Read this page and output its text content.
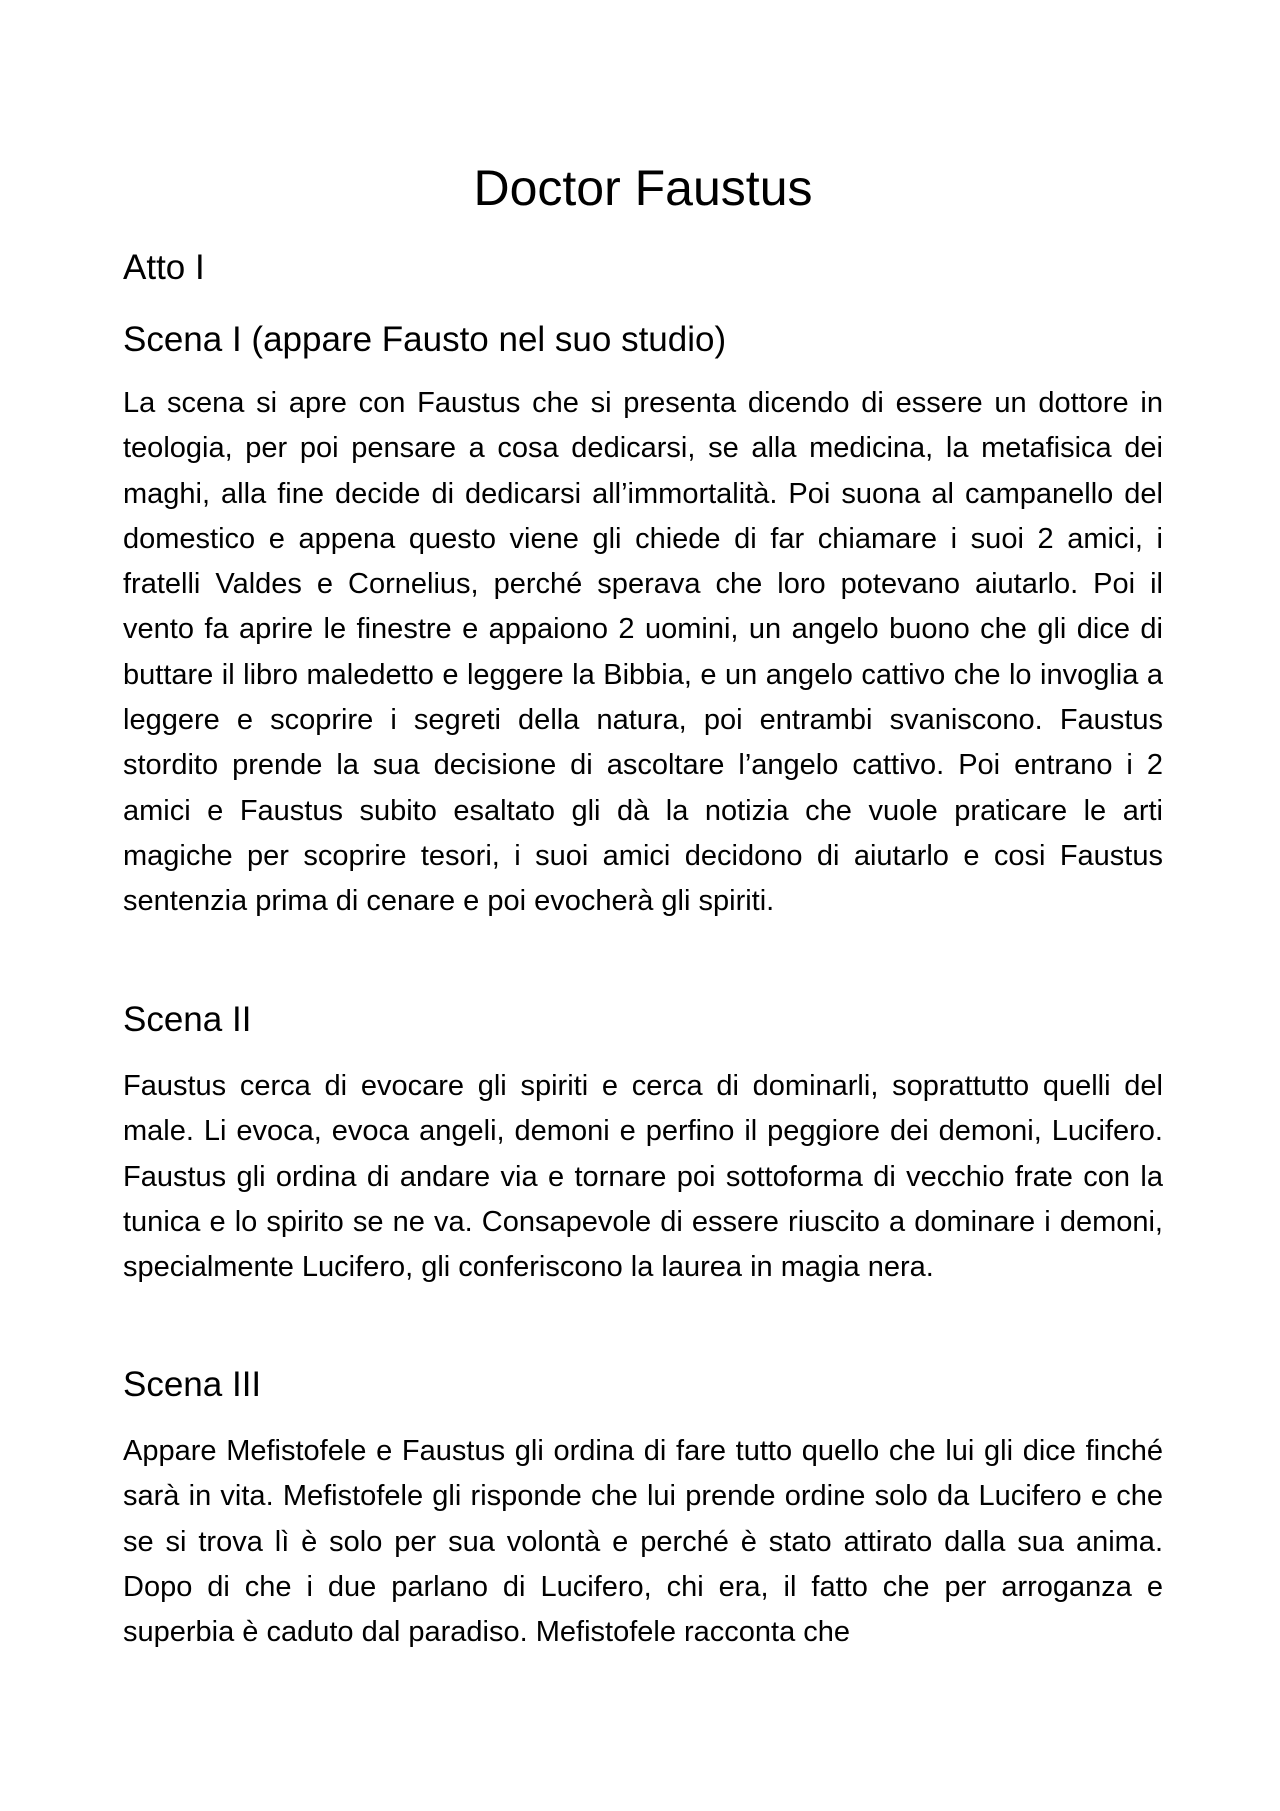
Doctor Faustus
Atto I
Scena I (appare Fausto nel suo studio)

La scena si apre con Faustus che si presenta dicendo di essere un dottore in teologia, per poi pensare a cosa dedicarsi, se alla medicina, la metafisica dei maghi, alla fine decide di dedicarsi all’immortalità. Poi suona al campanello del domestico e appena questo viene gli chiede di far chiamare i suoi 2 amici, i fratelli Valdes e Cornelius, perché sperava che loro potevano aiutarlo. Poi il vento fa aprire le finestre e appaiono 2 uomini, un angelo buono che gli dice di buttare il libro maledetto e leggere la Bibbia, e un angelo cattivo che lo invoglia a leggere e scoprire i segreti della natura, poi entrambi svaniscono. Faustus stordito prende la sua decisione di ascoltare l’angelo cattivo. Poi entrano i 2 amici e Faustus subito esaltato gli dà la notizia che vuole praticare le arti magiche per scoprire tesori, i suoi amici decidono di aiutarlo e cosi Faustus sentenzia prima di cenare e poi evocherà gli spiriti.

Scena II

Faustus cerca di evocare gli spiriti e cerca di dominarli, soprattutto quelli del male. Li evoca, evoca angeli, demoni e perfino il peggiore dei demoni, Lucifero. Faustus gli ordina di andare via e tornare poi sottoforma di vecchio frate con la tunica e lo spirito se ne va. Consapevole di essere riuscito a dominare i demoni, specialmente Lucifero, gli conferiscono la laurea in magia nera.

Scena III

Appare Mefistofele e Faustus gli ordina di fare tutto quello che lui gli dice finché sarà in vita. Mefistofele gli risponde che lui prende ordine solo da Lucifero e che se si trova lì è solo per sua volontà e perché è stato attirato dalla sua anima. Dopo di che i due parlano di Lucifero, chi era, il fatto che per arroganza e superbia è caduto dal paradiso. Mefistofele racconta che
